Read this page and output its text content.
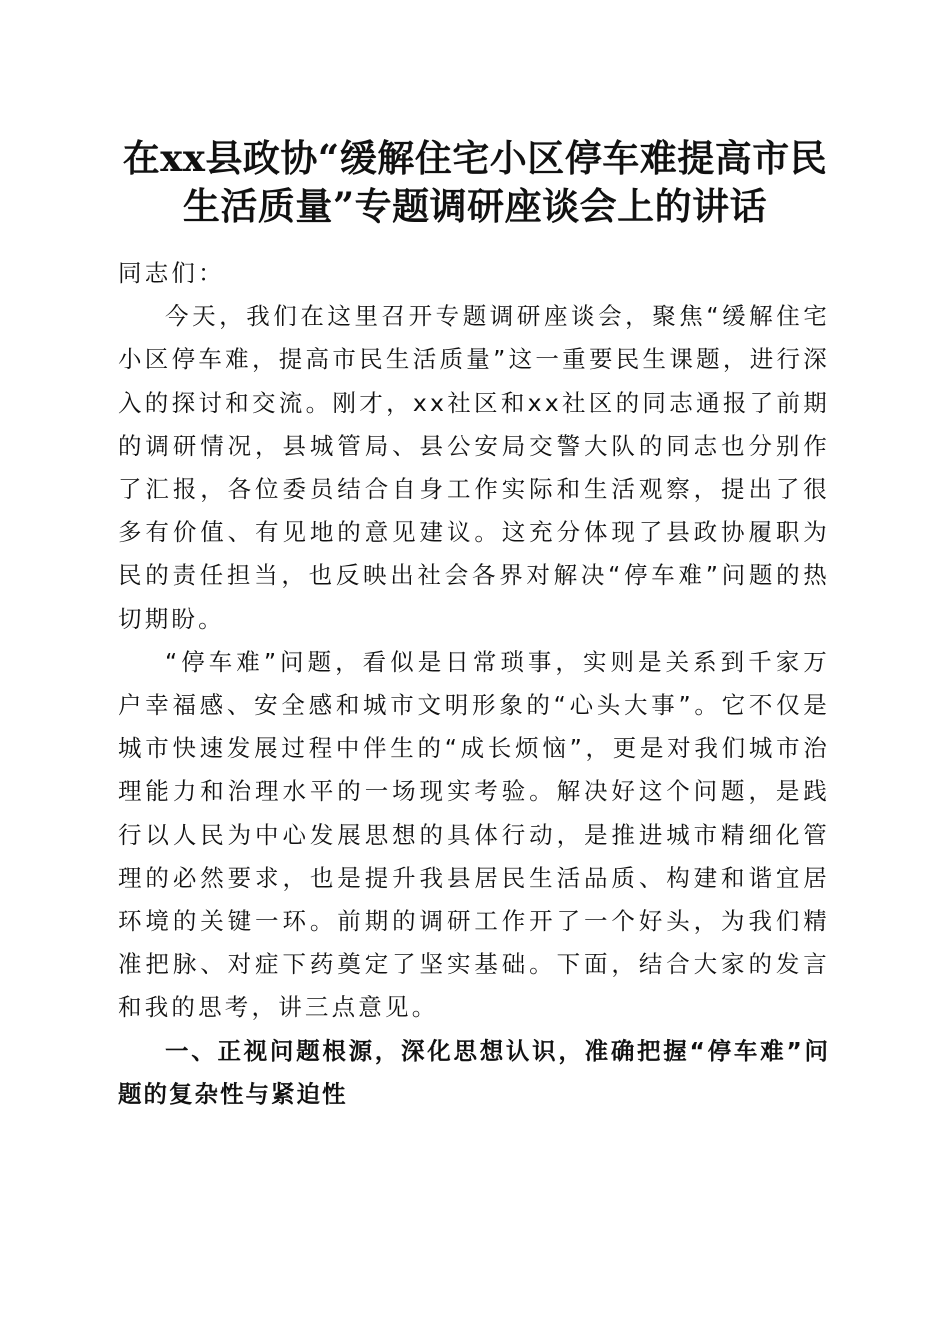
在xx县政协“缓解住宅小区停车难提高市民
生活质量”专题调研座谈会上的讲话

同志们：

今天，我们在这里召开专题调研座谈会，聚焦“缓解住宅小区停车难，提高市民生活质量”这一重要民生课题，进行深入的探讨和交流。刚才，xx社区和xx社区的同志通报了前期的调研情况，县城管局、县公安局交警大队的同志也分别作了汇报，各位委员结合自身工作实际和生活观察，提出了很多有价值、有见地的意见建议。这充分体现了县政协履职为民的责任担当，也反映出社会各界对解决“停车难”问题的热切期盼。

“停车难”问题，看似是日常琐事，实则是关系到千家万户幸福感、安全感和城市文明形象的“心头大事”。它不仅是城市快速发展过程中伴生的“成长烦恼”，更是对我们城市治理能力和治理水平的一场现实考验。解决好这个问题，是践行以人民为中心发展思想的具体行动，是推进城市精细化管理的必然要求，也是提升我县居民生活品质、构建和谐宜居环境的关键一环。前期的调研工作开了一个好头，为我们精准把脉、对症下药奠定了坚实基础。下面，结合大家的发言和我的思考，讲三点意见。

一、正视问题根源，深化思想认识，准确把握“停车难”问题的复杂性与紧迫性
